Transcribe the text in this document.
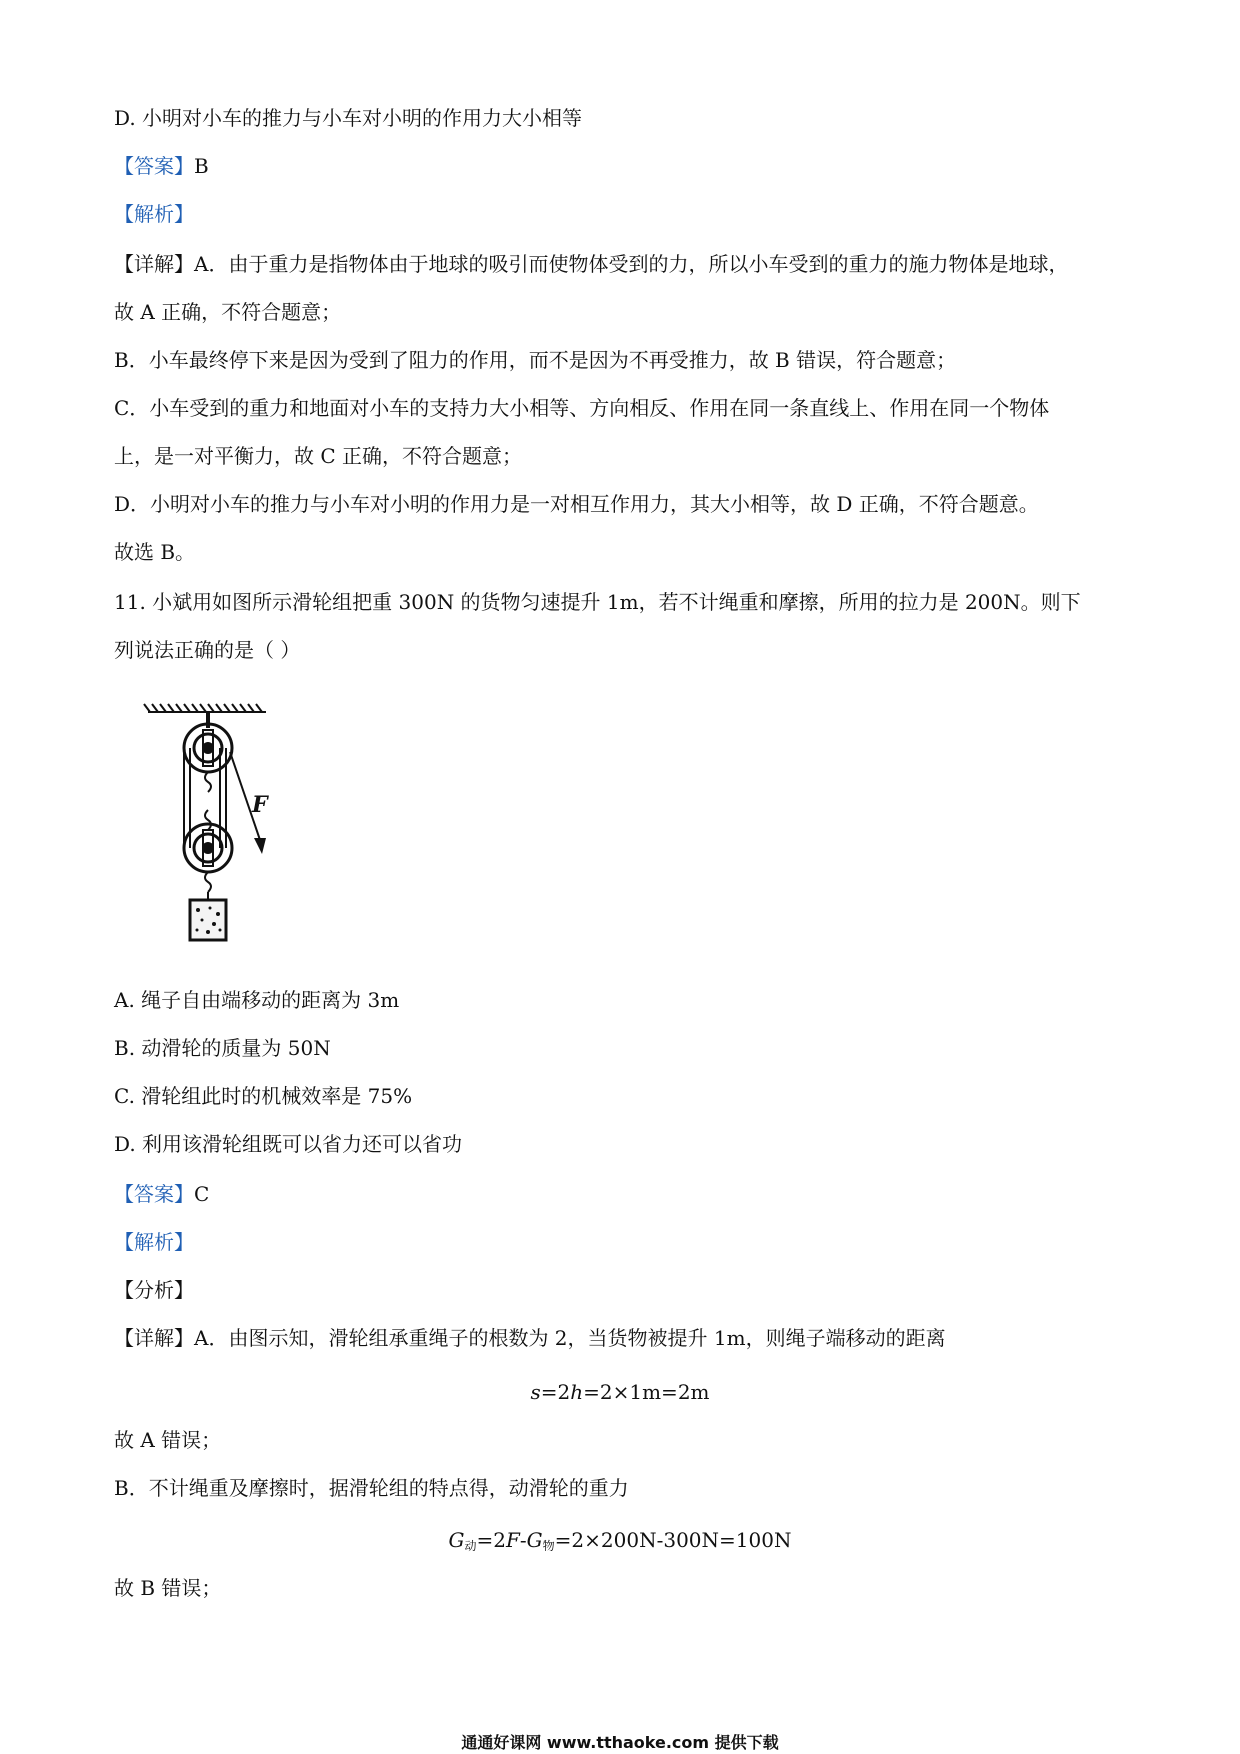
D. 小明对小车的推力与小车对小明的作用力大小相等
【答案】B
【解析】
【详解】A．由于重力是指物体由于地球的吸引而使物体受到的力，所以小车受到的重力的施力物体是地球，
故 A 正确，不符合题意；
B．小车最终停下来是因为受到了阻力的作用，而不是因为不再受推力，故 B 错误，符合题意；
C．小车受到的重力和地面对小车的支持力大小相等、方向相反、作用在同一条直线上、作用在同一个物体
上，是一对平衡力，故 C 正确，不符合题意；
D．小明对小车的推力与小车对小明的作用力是一对相互作用力，其大小相等，故 D 正确，不符合题意。
故选 B。
11. 小斌用如图所示滑轮组把重 300N 的货物匀速提升 1m，若不计绳重和摩擦，所用的拉力是 200N。则下
列说法正确的是（ ）
F
A. 绳子自由端移动的距离为 3m
B. 动滑轮的质量为 50N
C. 滑轮组此时的机械效率是 75%
D. 利用该滑轮组既可以省力还可以省功
【答案】C
【解析】
【分析】
【详解】A．由图示知，滑轮组承重绳子的根数为 2，当货物被提升 1m，则绳子端移动的距离
s=2h=2×1m=2m
故 A 错误；
B．不计绳重及摩擦时，据滑轮组的特点得，动滑轮的重力
$G_动=2F-G_物=2\times 200N-300N=100N$
故 B 错误；
通通好课网 www.tthaoke.com 提供下载
